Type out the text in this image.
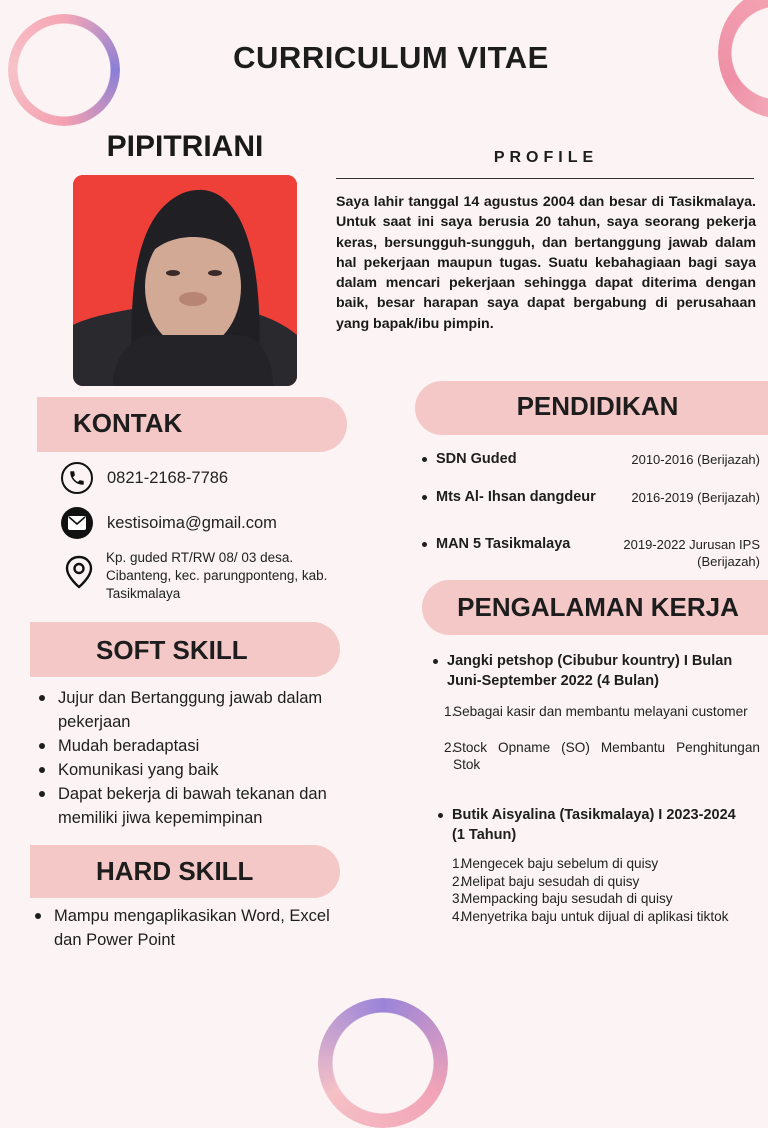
CURRICULUM VITAE
PIPITRIANI	PROFILE
Saya lahir tanggal 14 agustus 2004 dan besar di Tasikmalaya. Untuk saat ini saya berusia 20 tahun, saya seorang pekerja keras, bersungguh-sungguh, dan bertanggung jawab dalam hal pekerjaan maupun tugas. Suatu kebahagiaan bagi saya dalam mencari pekerjaan sehingga dapat diterima dengan baik, besar harapan saya dapat bergabung di perusahaan yang bapak/ibu pimpin.
KONTAK
0821-2168-7786
kestisoima@gmail.com
Kp. guded RT/RW 08/ 03 desa. Cibanteng, kec. parungponteng, kab. Tasikmalaya
SOFT SKILL
Jujur dan Bertanggung jawab dalam pekerjaan
Mudah beradaptasi
Komunikasi yang baik
Dapat bekerja di bawah tekanan dan memiliki jiwa kepemimpinan
HARD SKILL
Mampu mengaplikasikan Word, Excel dan Power Point
PENDIDIKAN
SDN Guded	2010-2016 (Berijazah)
Mts Al- Ihsan dangdeur	2016-2019 (Berijazah)
MAN 5 Tasikmalaya	2019-2022 Jurusan IPS (Berijazah)
PENGALAMAN KERJA
Jangki petshop (Cibubur kountry) I Bulan Juni-September 2022 (4 Bulan)
1.
Sebagai kasir dan membantu melayani customer
2.
Stock Opname (SO) Membantu Penghitungan Stok
Butik Aisyalina (Tasikmalaya) I 2023-2024 (1 Tahun)
1.
Mengecek baju sebelum di quisy
2.
Melipat baju sesudah di quisy
3.
Mempacking baju sesudah di quisy
4.
Menyetrika baju untuk dijual di aplikasi tiktok
